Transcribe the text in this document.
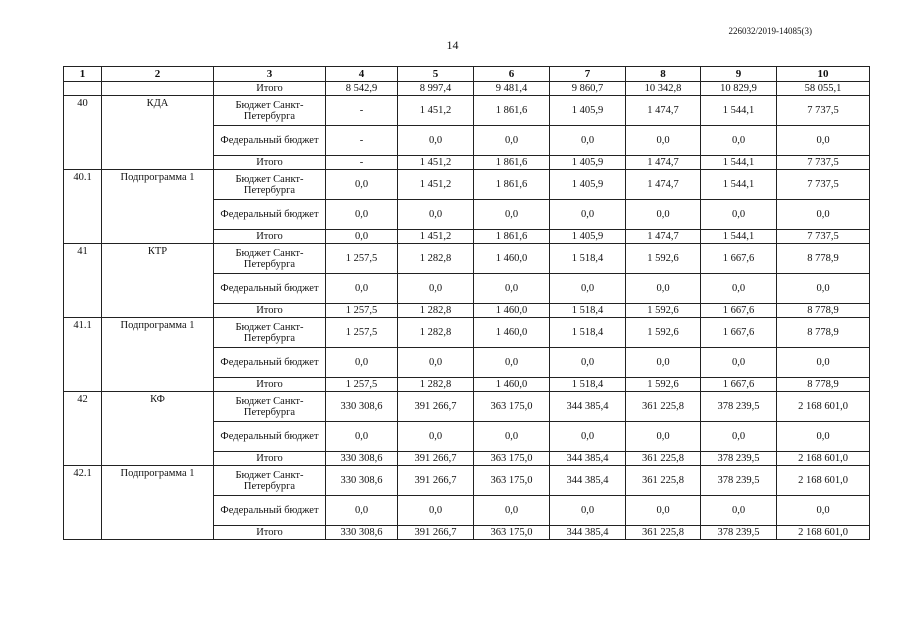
226032/2019-14085(3)
14
1	2	3	4	5	6	7	8	9	10
		Итого	8 542,9	8 997,4	9 481,4	9 860,7	10 342,8	10 829,9	58 055,1
40	КДА	Бюджет Санкт-Петербурга	-	1 451,2	1 861,6	1 405,9	1 474,7	1 544,1	7 737,5
		Федеральный бюджет	-	0,0	0,0	0,0	0,0	0,0	0,0
		Итого	-	1 451,2	1 861,6	1 405,9	1 474,7	1 544,1	7 737,5
40.1	Подпрограмма 1	Бюджет Санкт-Петербурга	0,0	1 451,2	1 861,6	1 405,9	1 474,7	1 544,1	7 737,5
		Федеральный бюджет	0,0	0,0	0,0	0,0	0,0	0,0	0,0
		Итого	0,0	1 451,2	1 861,6	1 405,9	1 474,7	1 544,1	7 737,5
41	КТР	Бюджет Санкт-Петербурга	1 257,5	1 282,8	1 460,0	1 518,4	1 592,6	1 667,6	8 778,9
		Федеральный бюджет	0,0	0,0	0,0	0,0	0,0	0,0	0,0
		Итого	1 257,5	1 282,8	1 460,0	1 518,4	1 592,6	1 667,6	8 778,9
41.1	Подпрограмма 1	Бюджет Санкт-Петербурга	1 257,5	1 282,8	1 460,0	1 518,4	1 592,6	1 667,6	8 778,9
		Федеральный бюджет	0,0	0,0	0,0	0,0	0,0	0,0	0,0
		Итого	1 257,5	1 282,8	1 460,0	1 518,4	1 592,6	1 667,6	8 778,9
42	КФ	Бюджет Санкт-Петербурга	330 308,6	391 266,7	363 175,0	344 385,4	361 225,8	378 239,5	2 168 601,0
		Федеральный бюджет	0,0	0,0	0,0	0,0	0,0	0,0	0,0
		Итого	330 308,6	391 266,7	363 175,0	344 385,4	361 225,8	378 239,5	2 168 601,0
42.1	Подпрограмма 1	Бюджет Санкт-Петербурга	330 308,6	391 266,7	363 175,0	344 385,4	361 225,8	378 239,5	2 168 601,0
		Федеральный бюджет	0,0	0,0	0,0	0,0	0,0	0,0	0,0
		Итого	330 308,6	391 266,7	363 175,0	344 385,4	361 225,8	378 239,5	2 168 601,0
